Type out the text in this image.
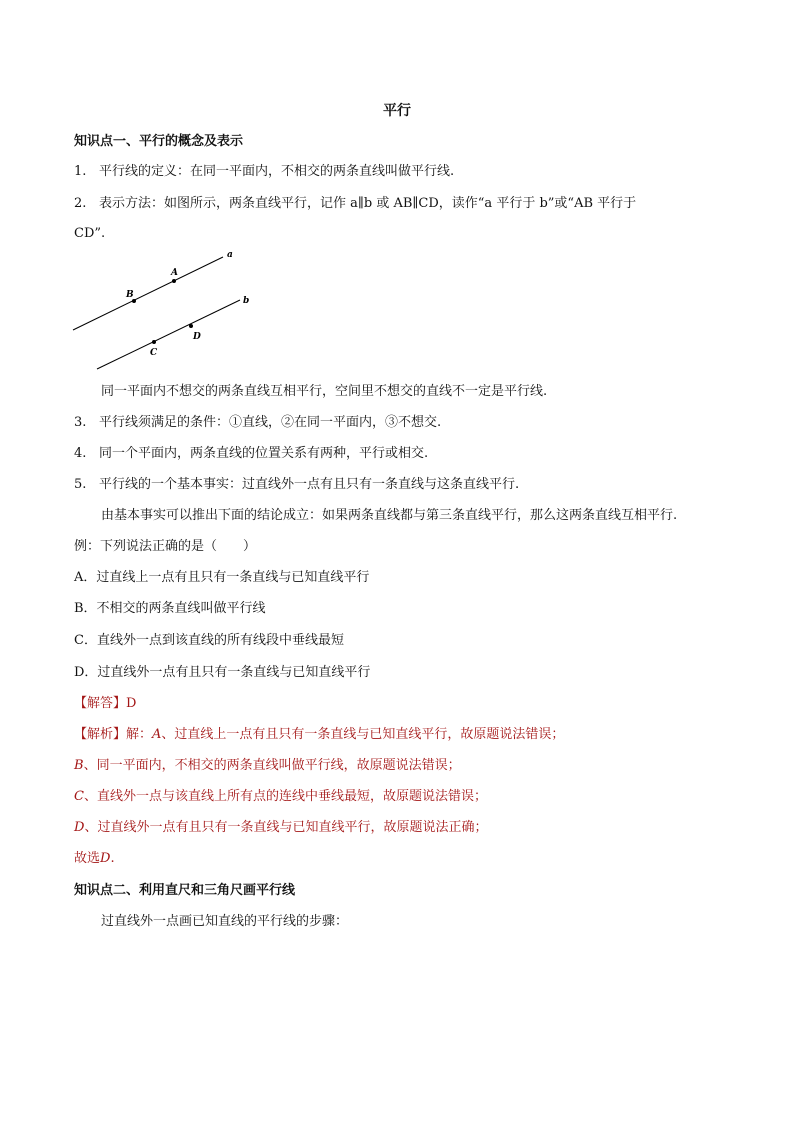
平行
知识点一、平行的概念及表示
1. 平行线的定义：在同一平面内，不相交的两条直线叫做平行线.
2. 表示方法：如图所示，两条直线平行，记作 a∥b 或 AB∥CD，读作“a 平行于 b”或“AB 平行于
CD”.
a
A
B
b
D
C
同一平面内不想交的两条直线互相平行，空间里不想交的直线不一定是平行线.
3. 平行线须满足的条件：①直线，②在同一平面内，③不想交.
4. 同一个平面内，两条直线的位置关系有两种，平行或相交.
5. 平行线的一个基本事实：过直线外一点有且只有一条直线与这条直线平行.
由基本事实可以推出下面的结论成立：如果两条直线都与第三条直线平行，那么这两条直线互相平行.
例：下列说法正确的是（　　）
A．过直线上一点有且只有一条直线与已知直线平行
B．不相交的两条直线叫做平行线
C．直线外一点到该直线的所有线段中垂线最短
D．过直线外一点有且只有一条直线与已知直线平行
【解答】D
【解析】解：A、过直线上一点有且只有一条直线与已知直线平行，故原题说法错误；
B、同一平面内，不相交的两条直线叫做平行线，故原题说法错误；
C、直线外一点与该直线上所有点的连线中垂线最短，故原题说法错误；
D、过直线外一点有且只有一条直线与已知直线平行，故原题说法正确；
故选D.
知识点二、利用直尺和三角尺画平行线
过直线外一点画已知直线的平行线的步骤：
